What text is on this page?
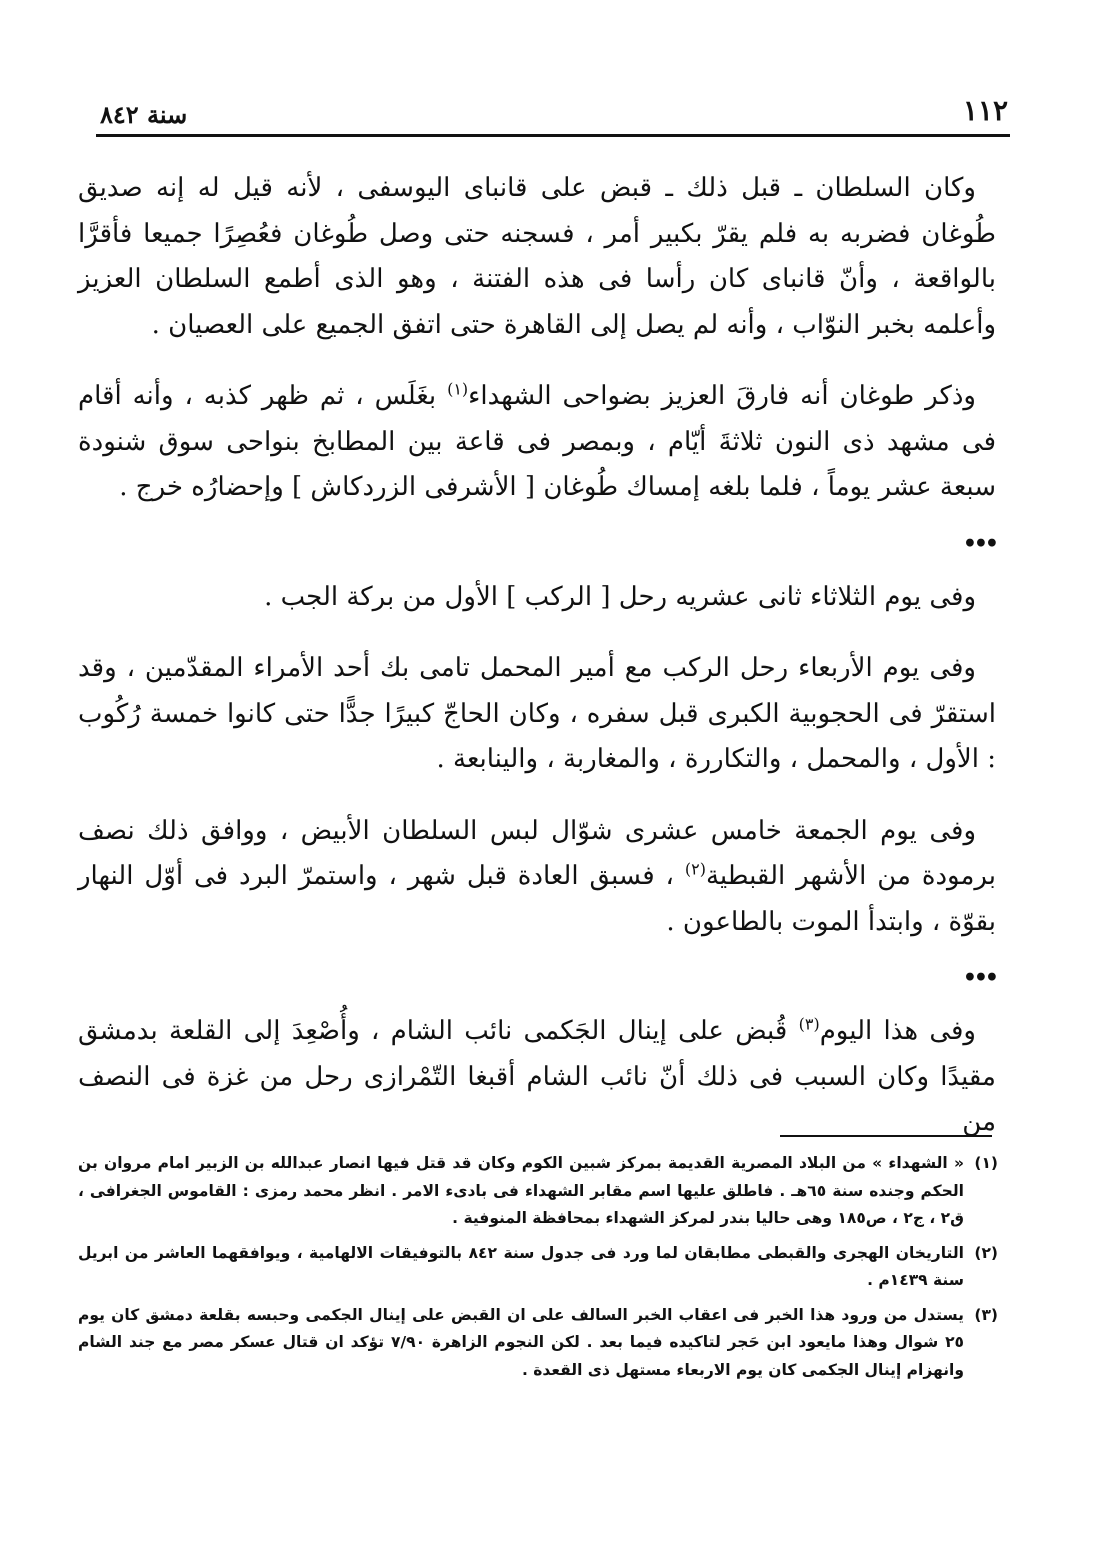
سنة ٨٤٢	١١٢

وكان السلطان ـ قبل ذلك ـ قبض على قانباى اليوسفى ، لأنه قيل له إنه صديق طُوغان فضربه به فلم يقرّ بكبير أمر ، فسجنه حتى وصل طُوغان فعُصِرًا جميعا فأقرَّا بالواقعة ، وأنّ قانباى كان رأسا فى هذه الفتنة ، وهو الذى أطمع السلطان العزيز وأعلمه بخبر النوّاب ، وأنه لم يصل إلى القاهرة حتى اتفق الجميع على العصيان .

وذكر طوغان أنه فارقَ العزيز بضواحى الشهداء$^{(١)}$ بغَلَس ، ثم ظهر كذبه ، وأنه أقام فى مشهد ذى النون ثلاثةَ أيّام ، وبمصر فى قاعة بين المطابخ بنواحى سوق شنودة سبعة عشر يوماً ، فلما بلغه إمساك طُوغان [ الأشرفى الزردكاش ] وإحضارُه خرج .

•••

وفى يوم الثلاثاء ثانى عشريه رحل [ الركب ] الأول من بركة الجب .

وفى يوم الأربعاء رحل الركب مع أمير المحمل تامى بك أحد الأمراء المقدّمين ، وقد استقرّ فى الحجوبية الكبرى قبل سفره ، وكان الحاجّ كبيرًا جدًّا حتى كانوا خمسة رُكُوب : الأول ، والمحمل ، والتكاررة ، والمغاربة ، والينابعة .

وفى يوم الجمعة خامس عشرى شوّال لبس السلطان الأبيض ، ووافق ذلك نصف برمودة من الأشهر القبطية$^{(٢)}$ ، فسبق العادة قبل شهر ، واستمرّ البرد فى أوّل النهار بقوّة ، وابتدأ الموت بالطاعون .

•••

وفى هذا اليوم$^{(٣)}$ قُبض على إينال الجَكمى نائب الشام ، وأُصْعِدَ إلى القلعة بدمشق مقيدًا وكان السبب فى ذلك أنّ نائب الشام أقبغا التّمْرازى رحل من غزة فى النصف من

(١)« الشهداء » من البلاد المصرية القديمة بمركز شبين الكوم وكان قد قتل فيها انصار عبدالله بن الزبير امام مروان بن الحكم وجنده سنة ٦٥هـ . فاطلق عليها اسم مقابر الشهداء فى بادىء الامر . انظر محمد رمزى : القاموس الجغرافى ، ق٢ ، ج٢ ، ص١٨٥ وهى حاليا بندر لمركز الشهداء بمحافظة المنوفية .
(٢)التاريخان الهجرى والقبطى مطابقان لما ورد فى جدول سنة ٨٤٢ بالتوفيقات الالهامية ، ويوافقهما العاشر من ابريل سنة ١٤٣٩م .
(٣)يستدل من ورود هذا الخبر فى اعقاب الخبر السالف على ان القبض على إينال الجكمى وحبسه بقلعة دمشق كان يوم ٢٥ شوال وهذا مايعود ابن حَجر لتاكيده فيما بعد . لكن النجوم الزاهرة ٧/٩٠ تؤكد ان قتال عسكر مصر مع جند الشام وانهزام إينال الجكمى كان يوم الاربعاء مستهل ذى القعدة .
